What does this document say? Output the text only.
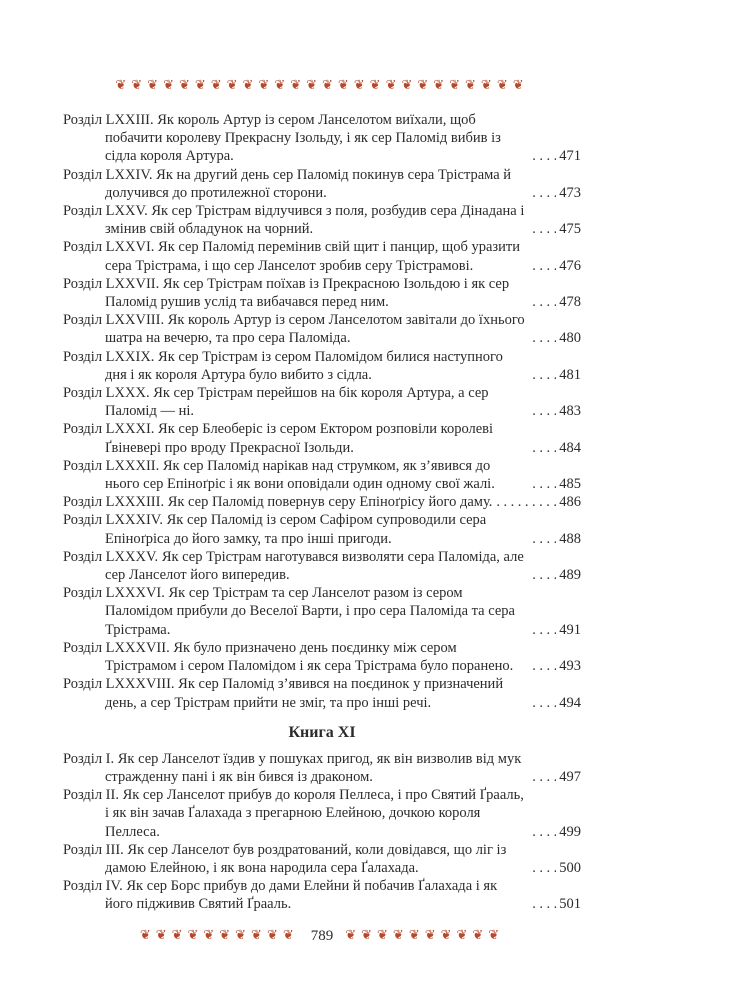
❦❦❦❦❦❦❦❦❦❦❦❦❦❦❦❦❦❦❦❦❦❦❦❦❦❦
Розділ LXXIII. Як король Артур із сером Ланселотом виїхали, щоб побачити королеву Прекрасну Ізольду, і як сер Паломід вибив із сідла короля Артура. .....	471
Розділ LXXIV. Як на другий день сер Паломід покинув сера Трістрама й долучився до протилежної сторони. .....	473
Розділ LXXV. Як сер Трістрам відлучився з поля, розбудив сера Дінадана і змінив свій обладунок на чорний. .....	475
Розділ LXXVI. Як сер Паломід перемінив свій щит і панцир, щоб уразити сера Трістрама, і що сер Ланселот зробив серу Трістрамові. .....	476
Розділ LXXVII. Як сер Трістрам поїхав із Прекрасною Ізольдою і як сер Паломід рушив услід та вибачався перед ним. .....	478
Розділ LXXVIII. Як король Артур із сером Ланселотом завітали до їхнього шатра на вечерю, та про сера Паломіда. .....	480
Розділ LXXIX. Як сер Трістрам із сером Паломідом билися наступного дня і як короля Артура було вибито з сідла. .....	481
Розділ LXXX. Як сер Трістрам перейшов на бік короля Артура, а сер Паломід — ні. .....	483
Розділ LXXXI. Як сер Блеоберіс із сером Ектором розповіли королеві Ґвіневері про вроду Прекрасної Ізольди. .....	484
Розділ LXXXII. Як сер Паломід нарікав над струмком, як з’явився до нього сер Епіноґріс і як вони оповідали один одному свої жалі. .....	485
Розділ LXXXIII. Як сер Паломід повернув серу Епіноґрісу його даму. .....	486
Розділ LXXXIV. Як сер Паломід із сером Сафіром супроводили сера Епіноґріса до його замку, та про інші пригоди. .....	488
Розділ LXXXV. Як сер Трістрам наготувався визволяти сера Паломіда, але сер Ланселот його випередив. .....	489
Розділ LXXXVI. Як сер Трістрам та сер Ланселот разом із сером Паломідом прибули до Веселої Варти, і про сера Паломіда та сера Трістрама. .....	491
Розділ LXXXVII. Як було призначено день поєдинку між сером Трістрамом і сером Паломідом і як сера Трістрама було поранено. .....	493
Розділ LXXXVIII. Як сер Паломід з’явився на поєдинок у призначений день, а сер Трістрам прийти не зміг, та про інші речі. .....	494
Книга XI
Розділ I. Як сер Ланселот їздив у пошуках пригод, як він визволив від мук стражденну пані і як він бився із драконом. .....	497
Розділ II. Як сер Ланселот прибув до короля Пеллеса, і про Святий Ґрааль, і як він зачав Ґалахада з прегарною Елейною, дочкою короля Пеллеса. .....	499
Розділ III. Як сер Ланселот був роздратований, коли довідався, що ліг із дамою Елейною, і як вона народила сера Ґалахада. .....	500
Розділ IV. Як сер Борс прибув до дами Елейни й побачив Ґалахада і як його підживив Святий Ґрааль. .....	501
❦❦❦❦❦❦❦❦❦❦ 789 ❦❦❦❦❦❦❦❦❦❦
